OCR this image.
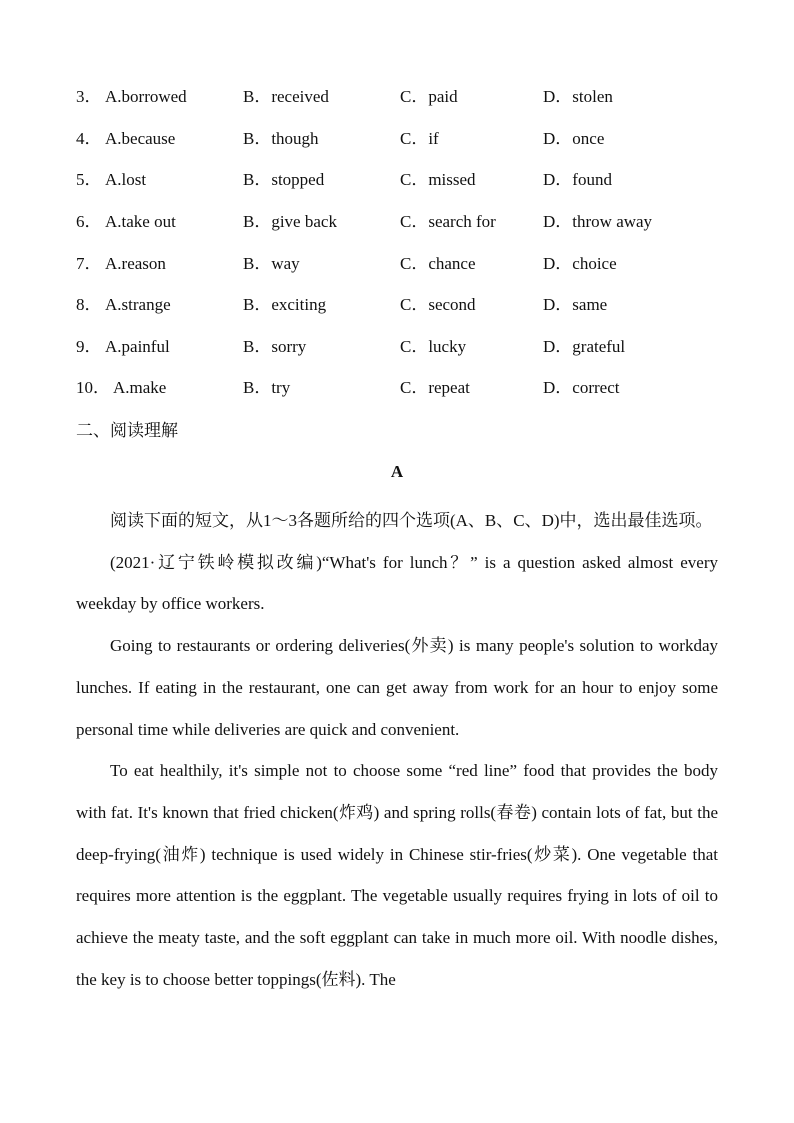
3． A.borrowed	B．received	C．paid	D．stolen
4． A.because	B．though	C．if	D．once
5． A.lost	B．stopped	C．missed	D．found
6． A.take out	B．give back	C．search for	D．throw away
7． A.reason	B．way	C．chance	D．choice
8． A.strange	B．exciting	C．second	D．same
9． A.painful	B．sorry	C．lucky	D．grateful
10． A.make	B．try	C．repeat	D．correct
二、阅读理解
A

阅读下面的短文，从1～3各题所给的四个选项(A、B、C、D)中，选出最佳选项。

(2021·辽宁铁岭模拟改编)“What's for lunch？” is a question asked almost every weekday by office workers.

Going to restaurants or ordering deliveries(外卖) is many people's solution to workday lunches. If eating in the restaurant, one can get away from work for an hour to enjoy some personal time while deliveries are quick and convenient.

To eat healthily, it's simple not to choose some “red line” food that provides the body with fat. It's known that fried chicken(炸鸡) and spring rolls(春卷) contain lots of fat, but the deep-frying(油炸) technique is used widely in Chinese stir-fries(炒菜). One vegetable that requires more attention is the eggplant. The vegetable usually requires frying in lots of oil to achieve the meaty taste, and the soft eggplant can take in much more oil. With noodle dishes, the key is to choose better toppings(佐料). The
